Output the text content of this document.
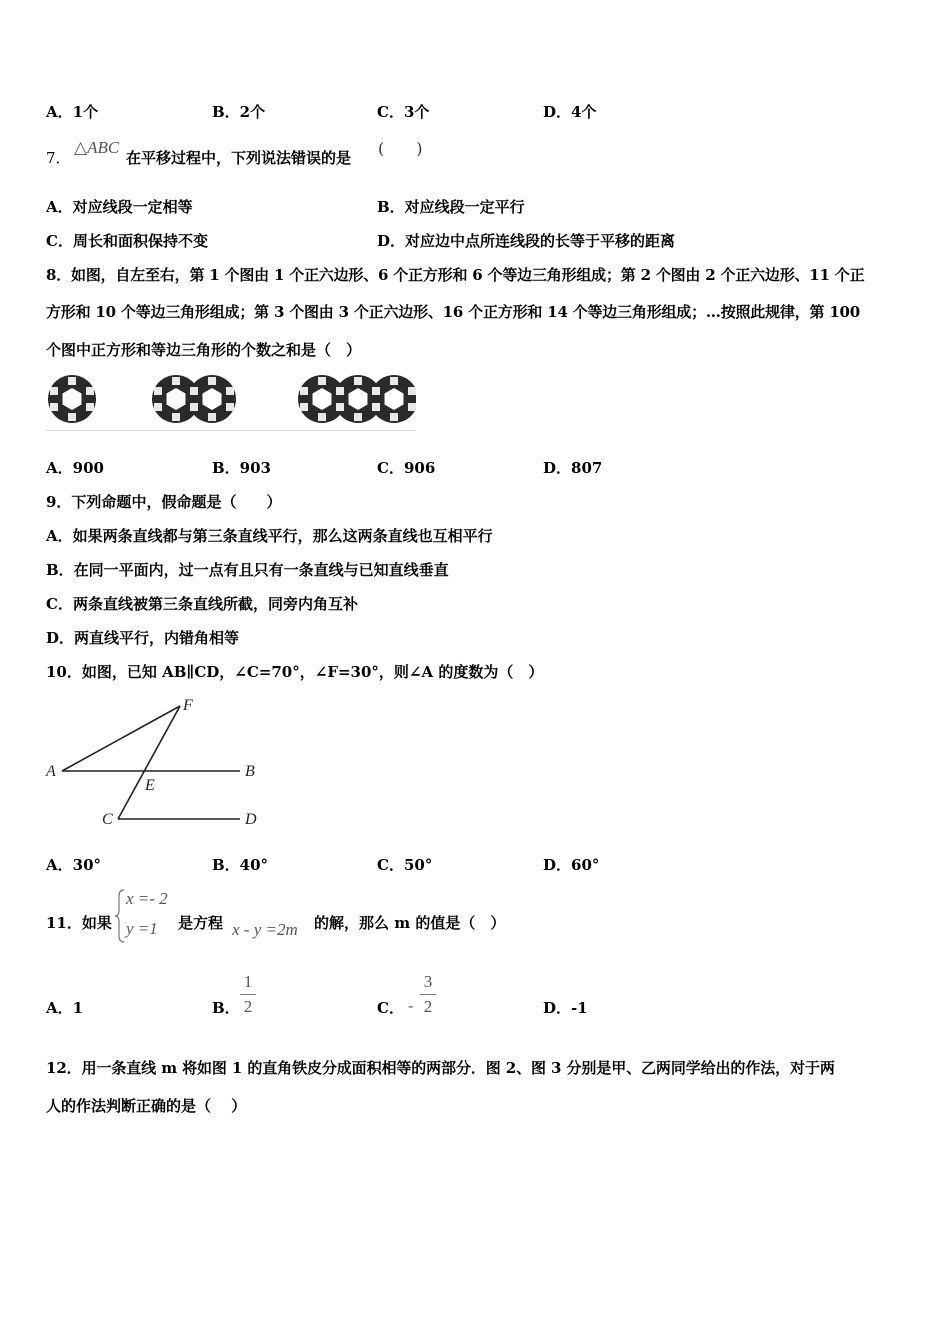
A．1个	B．2个	C．3个	D．4个
7．
△ABC
在平移过程中，下列说法错误的是 (　　)
A．对应线段一定相等	B．对应线段一定平行
C．周长和面积保持不变	D．对应边中点所连线段的长等于平移的距离
8．如图，自左至右，第 1 个图由 1 个正六边形、6 个正方形和 6 个等边三角形组成；第 2 个图由 2 个正六边形、11 个正
方形和 10 个等边三角形组成；第 3 个图由 3 个正六边形、16 个正方形和 14 个等边三角形组成；…按照此规律，第 100
个图中正方形和等边三角形的个数之和是（　）
A．900	B．903	C．906	D．807
9．下列命题中，假命题是（　　）
A．如果两条直线都与第三条直线平行，那么这两条直线也互相平行
B．在同一平面内，过一点有且只有一条直线与已知直线垂直
C．两条直线被第三条直线所截，同旁内角互补
D．两直线平行，内错角相等
10．如图，已知 AB∥CD，∠C=70°，∠F=30°，则∠A 的度数为（　）
A	B
C	D
E
F
A．30°	B．40°	C．50°	D．60°
11．如果
x =- 2
y =1 是方程 x - y =2m 的解，那么 m 的值是（　）
A．1	B．
1
2	C． -
3
2	D．-1
12．用一条直线 m 将如图 1 的直角铁皮分成面积相等的两部分．图 2、图 3 分别是甲、乙两同学给出的作法，对于两
人的作法判断正确的是（　 ）
